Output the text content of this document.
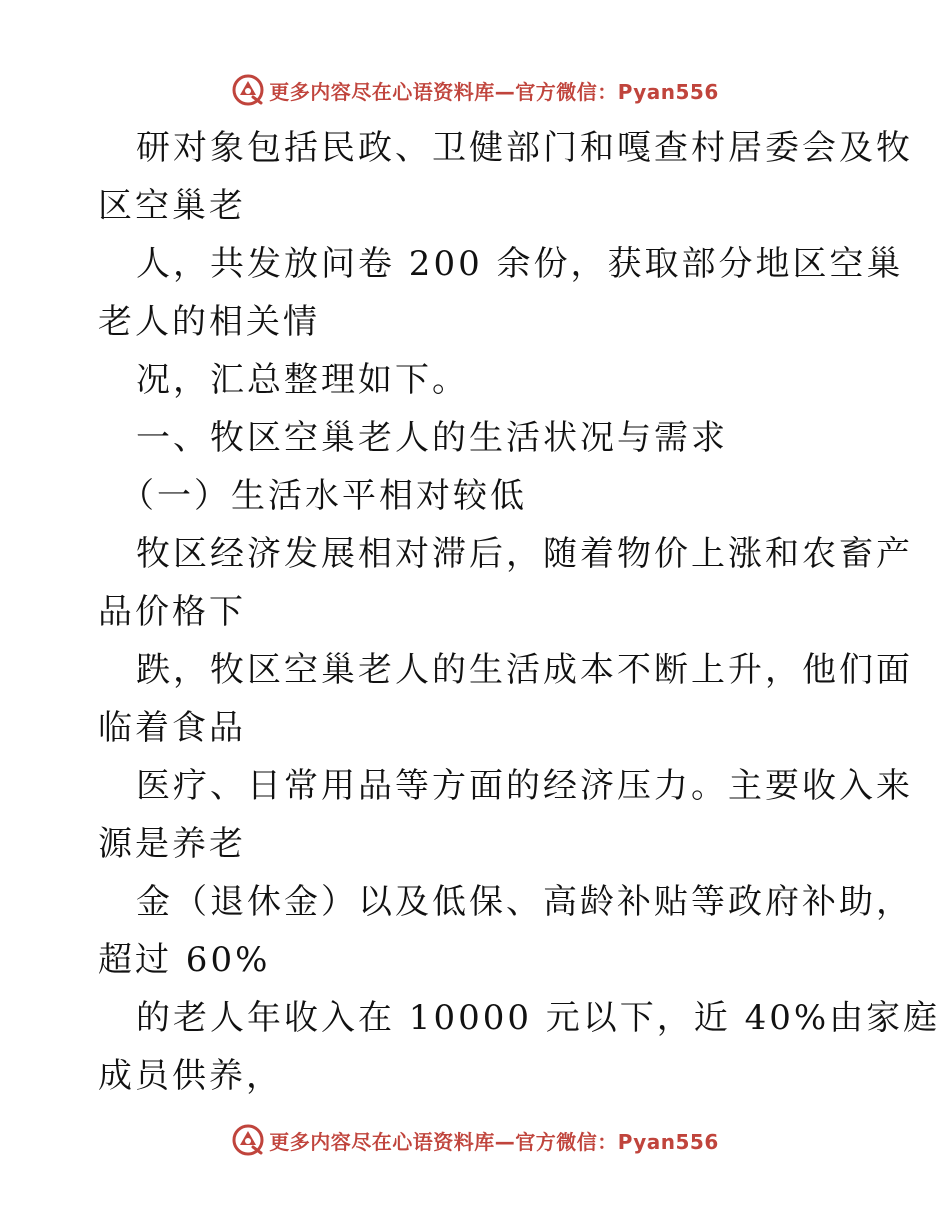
更多内容尽在心语资料库—官方微信：Pyan556
研对象包括民政、卫健部门和嘎查村居委会及牧
区空巢老
人，共发放问卷 200 余份，获取部分地区空巢
老人的相关情
况，汇总整理如下。
一、牧区空巢老人的生活状况与需求
（一）生活水平相对较低
牧区经济发展相对滞后，随着物价上涨和农畜产
品价格下
跌，牧区空巢老人的生活成本不断上升，他们面
临着食品
医疗、日常用品等方面的经济压力。主要收入来
源是养老
金（退休金）以及低保、高龄补贴等政府补助，
超过 60%
的老人年收入在 10000 元以下，近 40%由家庭
成员供养，
更多内容尽在心语资料库—官方微信：Pyan556
